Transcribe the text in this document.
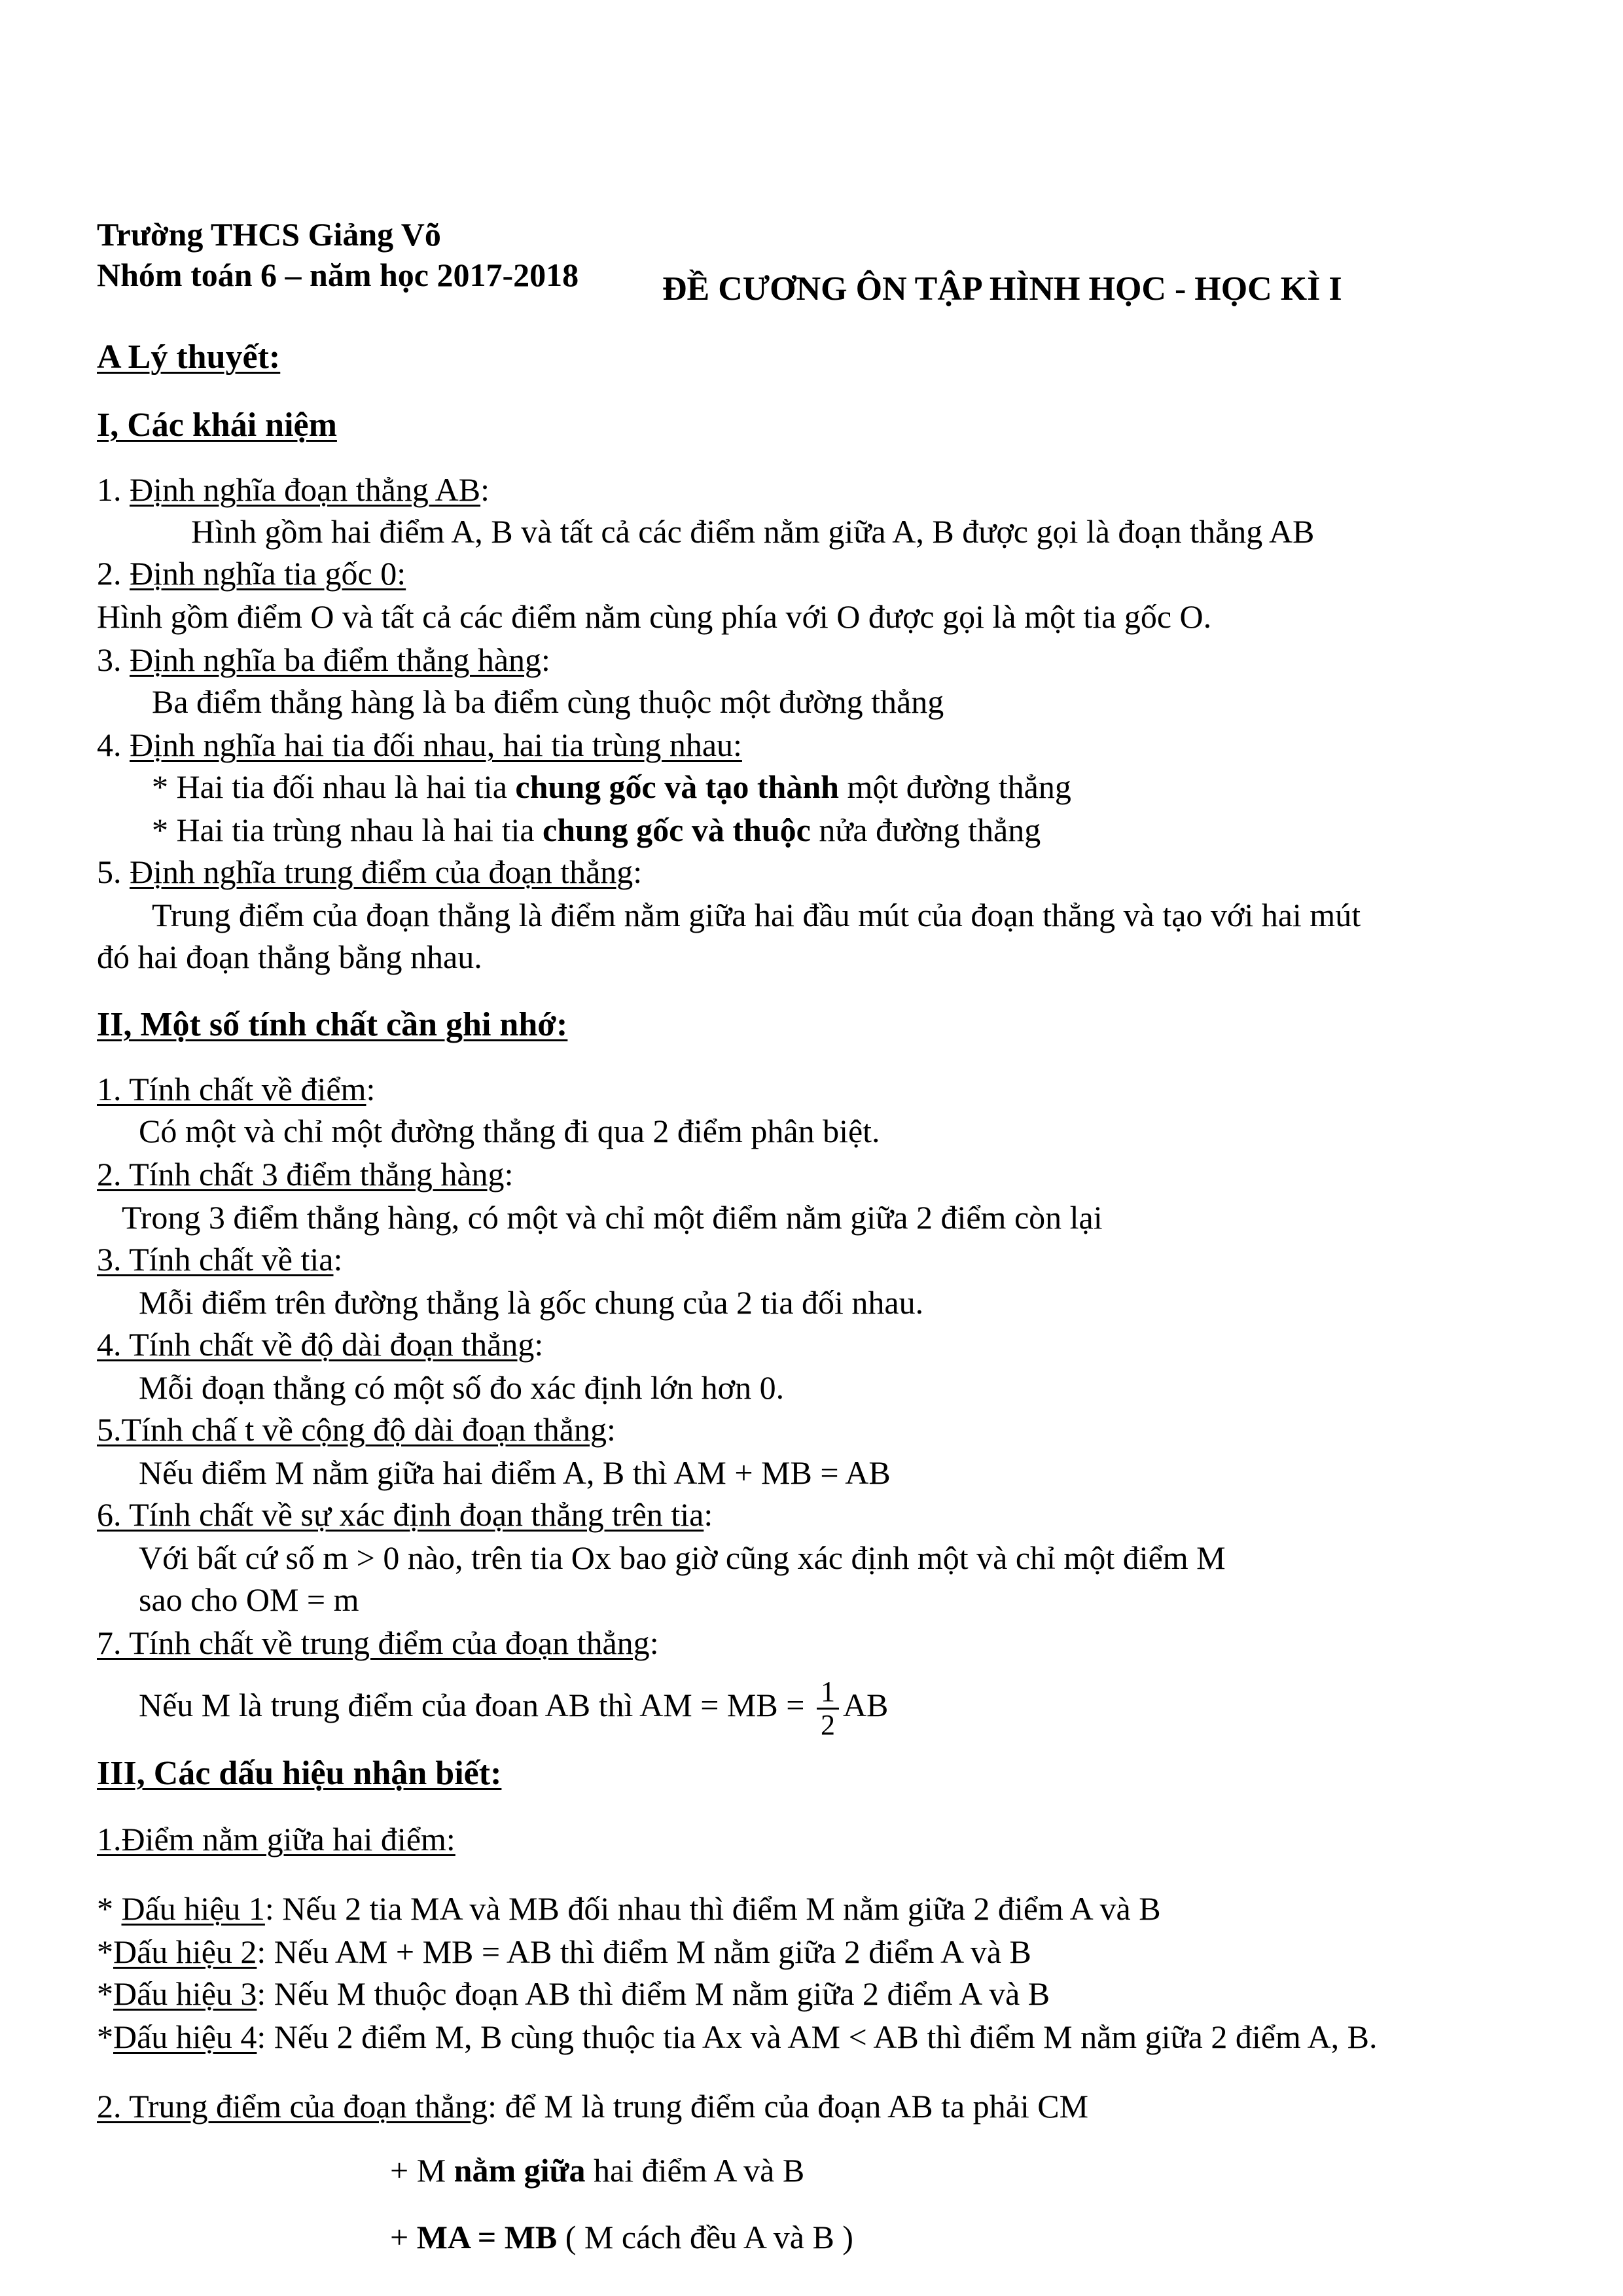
Trường THCS Giảng Võ
Nhóm toán 6 – năm học 2017-2018 ĐỀ CƯƠNG ÔN TẬP HÌNH HỌC - HỌC KÌ I
A Lý thuyết:
I, Các khái niệm
1. Định nghĩa đoạn thẳng AB:
Hình gồm hai điểm A, B và tất cả các điểm nằm giữa A, B được gọi là đoạn thẳng AB
2. Định nghĩa tia gốc 0:
Hình gồm điểm O và tất cả các điểm nằm cùng phía với O được gọi là một tia gốc O.
3. Định nghĩa ba điểm thẳng hàng:
Ba điểm thẳng hàng là ba điểm cùng thuộc một đường thẳng
4. Định nghĩa hai tia đối nhau, hai tia trùng nhau:
* Hai tia đối nhau là hai tia chung gốc và tạo thành một đường thẳng
* Hai tia trùng nhau là hai tia chung gốc và thuộc nửa đường thẳng
5. Định nghĩa trung điểm của đoạn thẳng:
Trung điểm của đoạn thẳng là điểm nằm giữa hai đầu mút của đoạn thẳng và tạo với hai mút
đó hai đoạn thẳng bằng nhau.
II, Một số tính chất cần ghi nhớ:
1. Tính chất về điểm:
Có một và chỉ một đường thẳng đi qua 2 điểm phân biệt.
2. Tính chất 3 điểm thẳng hàng:
Trong 3 điểm thẳng hàng, có một và chỉ một điểm nằm giữa 2 điểm còn lại
3. Tính chất về tia:
Mỗi điểm trên đường thẳng là gốc chung của 2 tia đối nhau.
4. Tính chất về độ dài đoạn thẳng:
Mỗi đoạn thẳng có một số đo xác định lớn hơn 0.
5.Tính chấ t về cộng độ dài đoạn thẳng:
Nếu điểm M nằm giữa hai điểm A, B thì AM + MB = AB
6. Tính chất về sự xác định đoạn thẳng trên tia:
Với bất cứ số m > 0 nào, trên tia Ox bao giờ cũng xác định một và chỉ một điểm M
sao cho OM = m
7. Tính chất về trung điểm của đoạn thẳng:
Nếu M là trung điểm của đoan AB thì AM = MB = $\frac{1}{2}$ AB
III, Các dấu hiệu nhận biết:
1.Điểm nằm giữa hai điểm:
* Dấu hiệu 1: Nếu 2 tia MA và MB đối nhau thì điểm M nằm giữa 2 điểm A và B
*Dấu hiệu 2: Nếu AM + MB = AB thì điểm M nằm giữa 2 điểm A và B
*Dấu hiệu 3: Nếu M thuộc đoạn AB thì điểm M nằm giữa 2 điểm A và B
*Dấu hiệu 4: Nếu 2 điểm M, B cùng thuộc tia Ax và AM < AB thì điểm M nằm giữa 2 điểm A, B.
2. Trung điểm của đoạn thẳng: để M là trung điểm của đoạn AB ta phải CM
+ M nằm giữa hai điểm A và B
+ MA = MB ( M cách đều A và B )
